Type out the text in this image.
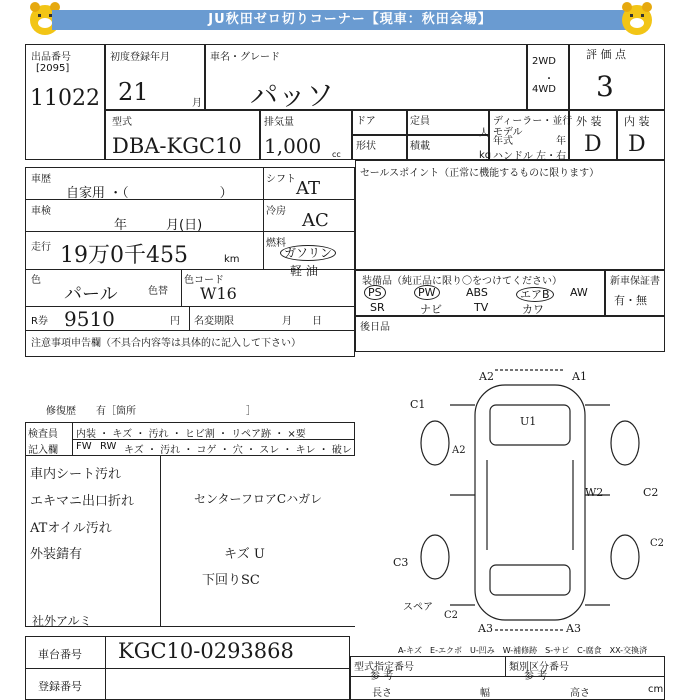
JU秋田ゼロ切りコーナー【現車：秋田会場】
出品番号
[2095]
11022
初度登録年月
21	月
車名・グレード
パッソ
2WD
・
4WD
評 価 点
3
外 装 内 装
D D
型式
DBA-KGC10
排気量
1,000 cc
ドア	定員
人
ディーラー・並行
モデル
年式	年
形状	積載
kg ハンドル 左・右
車歴
自家用 ・（　　　　　　　）
シフト AT
車検
年　　　月(日)
冷房 AC
走行 19万0千455	km
燃料
ガソリン
軽 油
色
パール	色替
色コード
W16
R券 9510	円 名変期限	月　　日
注意事項申告欄（不具合内容等は具体的に記入して下さい）
修復歴　　有［箇所　　　　　　　　　　　］
セールスポイント（正常に機能するものに限ります）
装備品（純正品に限り〇をつけてください）	新車保証書
有・無
PS	PW	ABS	エアB	AW
SR	ナビ	TV	カワ
後日品
検査員
記入欄
内装 ・ キズ ・ 汚れ ・ ヒビ割 ・ リペア跡 ・ ×要
FW RW キズ ・ 汚れ ・ コゲ ・ 穴 ・ スレ ・ キレ ・ 破レ
車内シート汚れ
エキマニ出口折れ
ATオイル汚れ
外装錆有
センターフロアCハガレ
キズ U
下回りSC
社外アルミ
A2	A1
C1
U1
A2
W2	C2
C3
C2
A3
C2
A3
スペア
A-キズ　E-エクボ　U-凹み　W-補修跡　S-サビ　C-腐食　XX-交換済
車台番号 KGC10-0293868
登録番号
型式指定番号
参 考
類別区分番号
参 考
長さ	幅	高さ	cm
